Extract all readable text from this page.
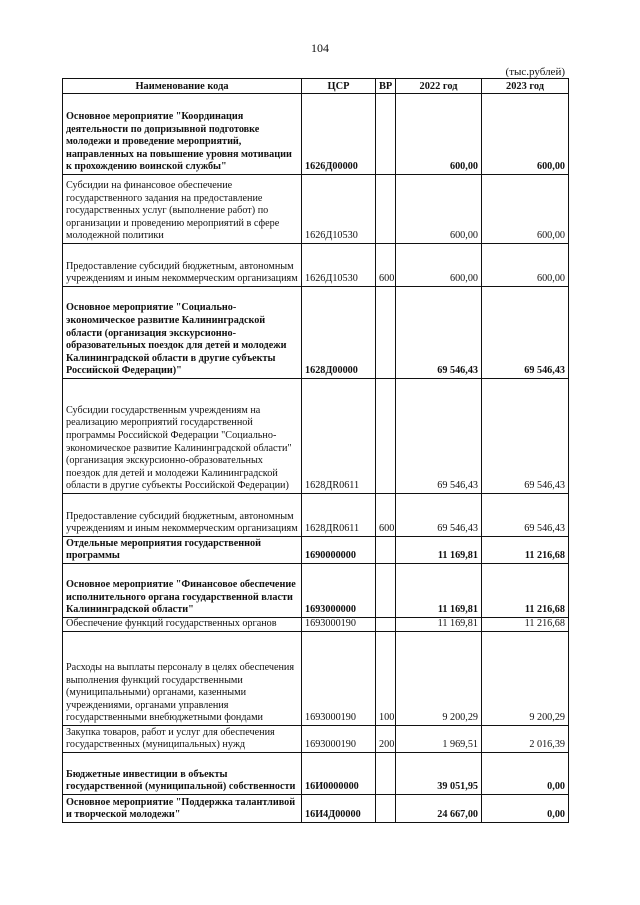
104
(тыс.рублей)
Наименование кода	ЦСР	ВР	2022 год	2023 год
Основное мероприятие "Координация деятельности по допризывной подготовке молодежи и проведение мероприятий, направленных на повышение уровня мотивации к прохождению воинской службы"	1626Д00000		600,00	600,00
Субсидии на финансовое обеспечение государственного задания на предоставление государственных услуг (выполнение работ) по организации и проведению мероприятий в сфере молодежной политики	1626Д10530		600,00	600,00
Предоставление субсидий бюджетным, автономным учреждениям и иным некоммерческим организациям	1626Д10530	600	600,00	600,00
Основное мероприятие "Социально-экономическое развитие Калининградской области (организация экскурсионно-образовательных поездок для детей и молодежи Калининградской области в другие субъекты Российской Федерации)"	1628Д00000		69 546,43	69 546,43
Субсидии государственным учреждениям на реализацию мероприятий государственной программы Российской Федерации "Социально-экономическое развитие Калининградской области" (организация экскурсионно-образовательных поездок для детей и молодежи Калининградской области в другие субъекты Российской Федерации)	1628ДR0611		69 546,43	69 546,43
Предоставление субсидий бюджетным, автономным учреждениям и иным некоммерческим организациям	1628ДR0611	600	69 546,43	69 546,43
Отдельные мероприятия государственной программы	1690000000		11 169,81	11 216,68
Основное мероприятие "Финансовое обеспечение исполнительного органа государственной власти Калининградской области"	1693000000		11 169,81	11 216,68
Обеспечение функций государственных органов	1693000190		11 169,81	11 216,68
Расходы на выплаты персоналу в целях обеспечения выполнения функций государственными (муниципальными) органами, казенными учреждениями, органами управления государственными внебюджетными фондами	1693000190	100	9 200,29	9 200,29
Закупка товаров, работ и услуг для обеспечения государственных (муниципальных) нужд	1693000190	200	1 969,51	2 016,39
Бюджетные инвестиции в объекты государственной (муниципальной) собственности	16И0000000		39 051,95	0,00
Основное мероприятие "Поддержка талантливой и творческой молодежи"	16И4Д00000		24 667,00	0,00
